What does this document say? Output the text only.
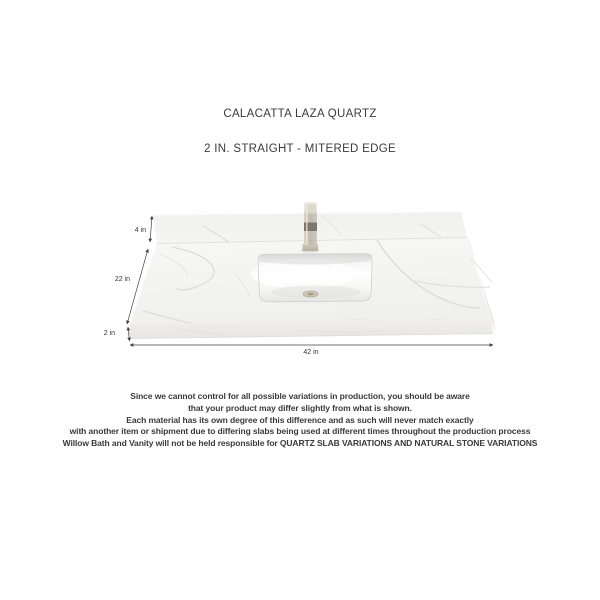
CALACATTA LAZA QUARTZ
2 IN. STRAIGHT - MITERED EDGE
4 in
22 in
2 in
42 in
Since we cannot control for all possible variations in production, you should be aware
that your product may differ slightly from what is shown.
Each material has its own degree of this difference and as such will never match exactly
with another item or shipment due to differing slabs being used at different times throughout the production process
Willow Bath and Vanity will not be held responsible for QUARTZ SLAB VARIATIONS AND NATURAL STONE VARIATIONS
